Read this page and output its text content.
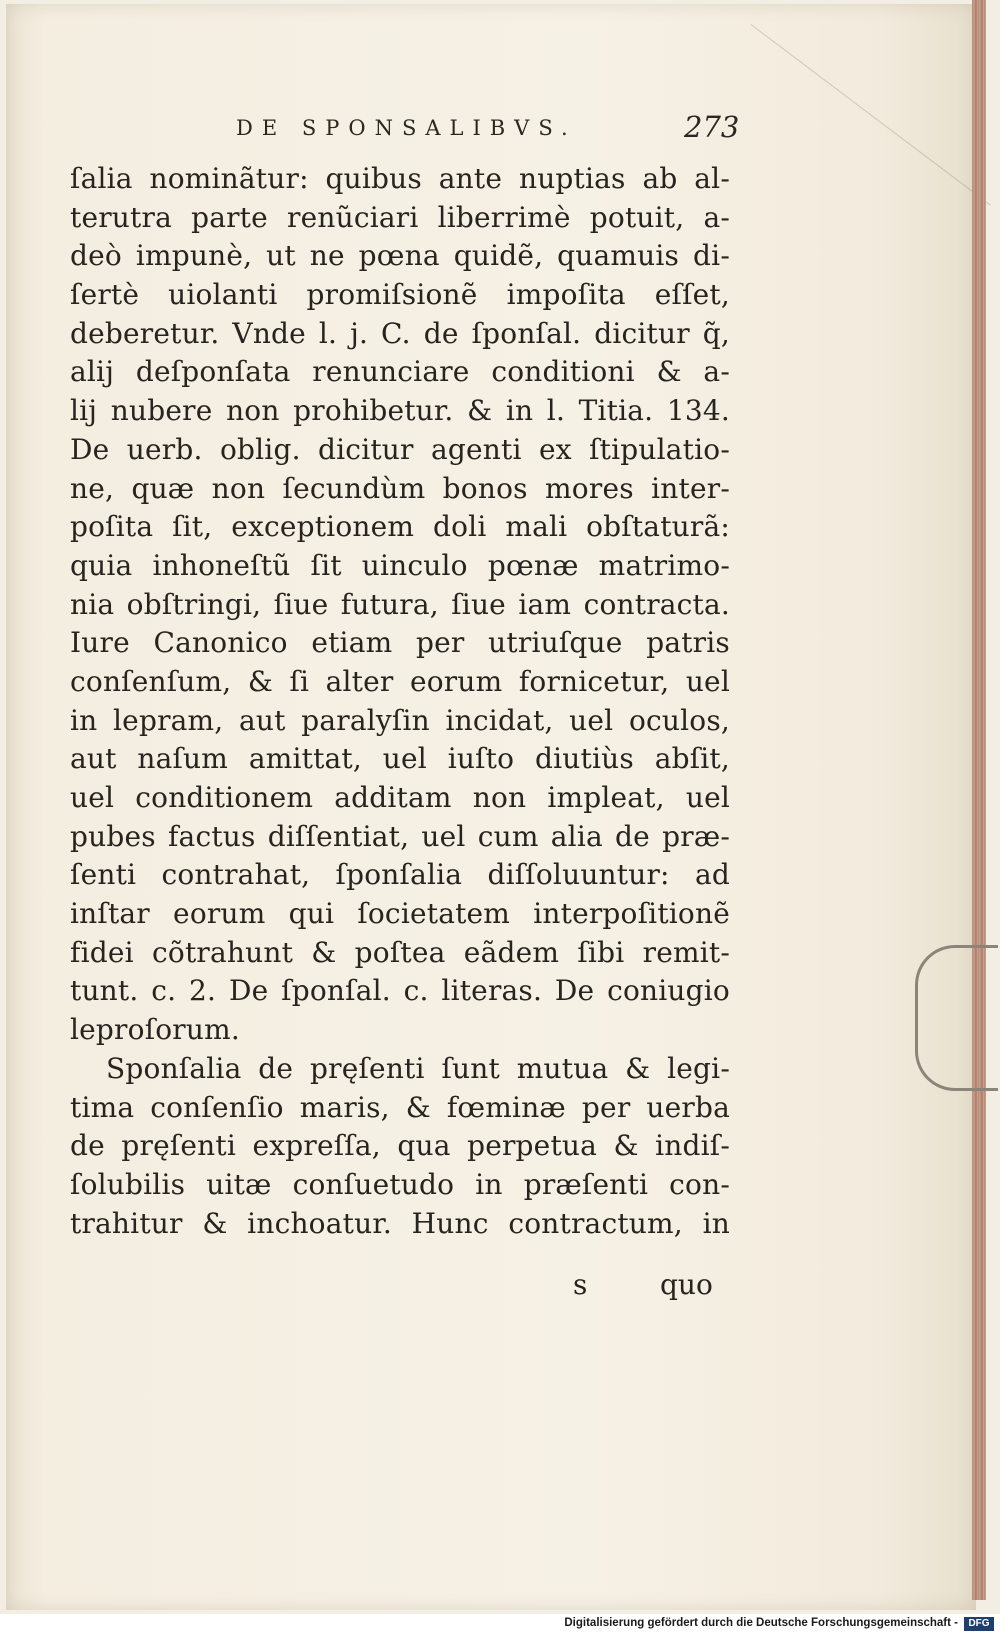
DE SPONSALIBVS.	273
ſalia nominãtur: quibus ante nuptias ab al-
terutra parte renũciari liberrimè potuit, a-
deò impunè, ut ne pœna quidẽ, quamuis di-
ſertè uiolanti promiſsionẽ impoſita eſſet,
deberetur. Vnde l. j. C. de ſponſal. dicitur q̃,
alij deſponſata renunciare conditioni & a-
lij nubere non prohibetur. & in l. Titia. 134.
De uerb. oblig. dicitur agenti ex ſtipulatio-
ne, quæ non ſecundùm bonos mores inter-
poſita ſit, exceptionem doli mali obſtaturã:
quia inhoneſtũ ſit uinculo pœnæ matrimo-
nia obſtringi, ſiue futura, ſiue iam contracta.
Iure Canonico etiam per utriuſque patris
conſenſum, & ſi alter eorum fornicetur, uel
in lepram, aut paralyſin incidat, uel oculos,
aut naſum amittat, uel iuſto diutiùs abſit,
uel conditionem additam non impleat, uel
pubes factus diſſentiat, uel cum alia de præ-
ſenti contrahat, ſponſalia diſſoluuntur: ad
inſtar eorum qui ſocietatem interpoſitionẽ
fidei cõtrahunt & poſtea eãdem ſibi remit-
tunt. c. 2. De ſponſal. c. literas. De coniugio
leproſorum.
Sponſalia de pręſenti ſunt mutua & legi-
tima conſenſio maris, & fœminæ per uerba
de pręſenti expreſſa, qua perpetua & indiſ-
ſolubilis uitæ conſuetudo in præſenti con-
trahitur & inchoatur. Hunc contractum, in
s	quo
Digitalisierung gefördert durch die Deutsche Forschungsgemeinschaft -	DFG
